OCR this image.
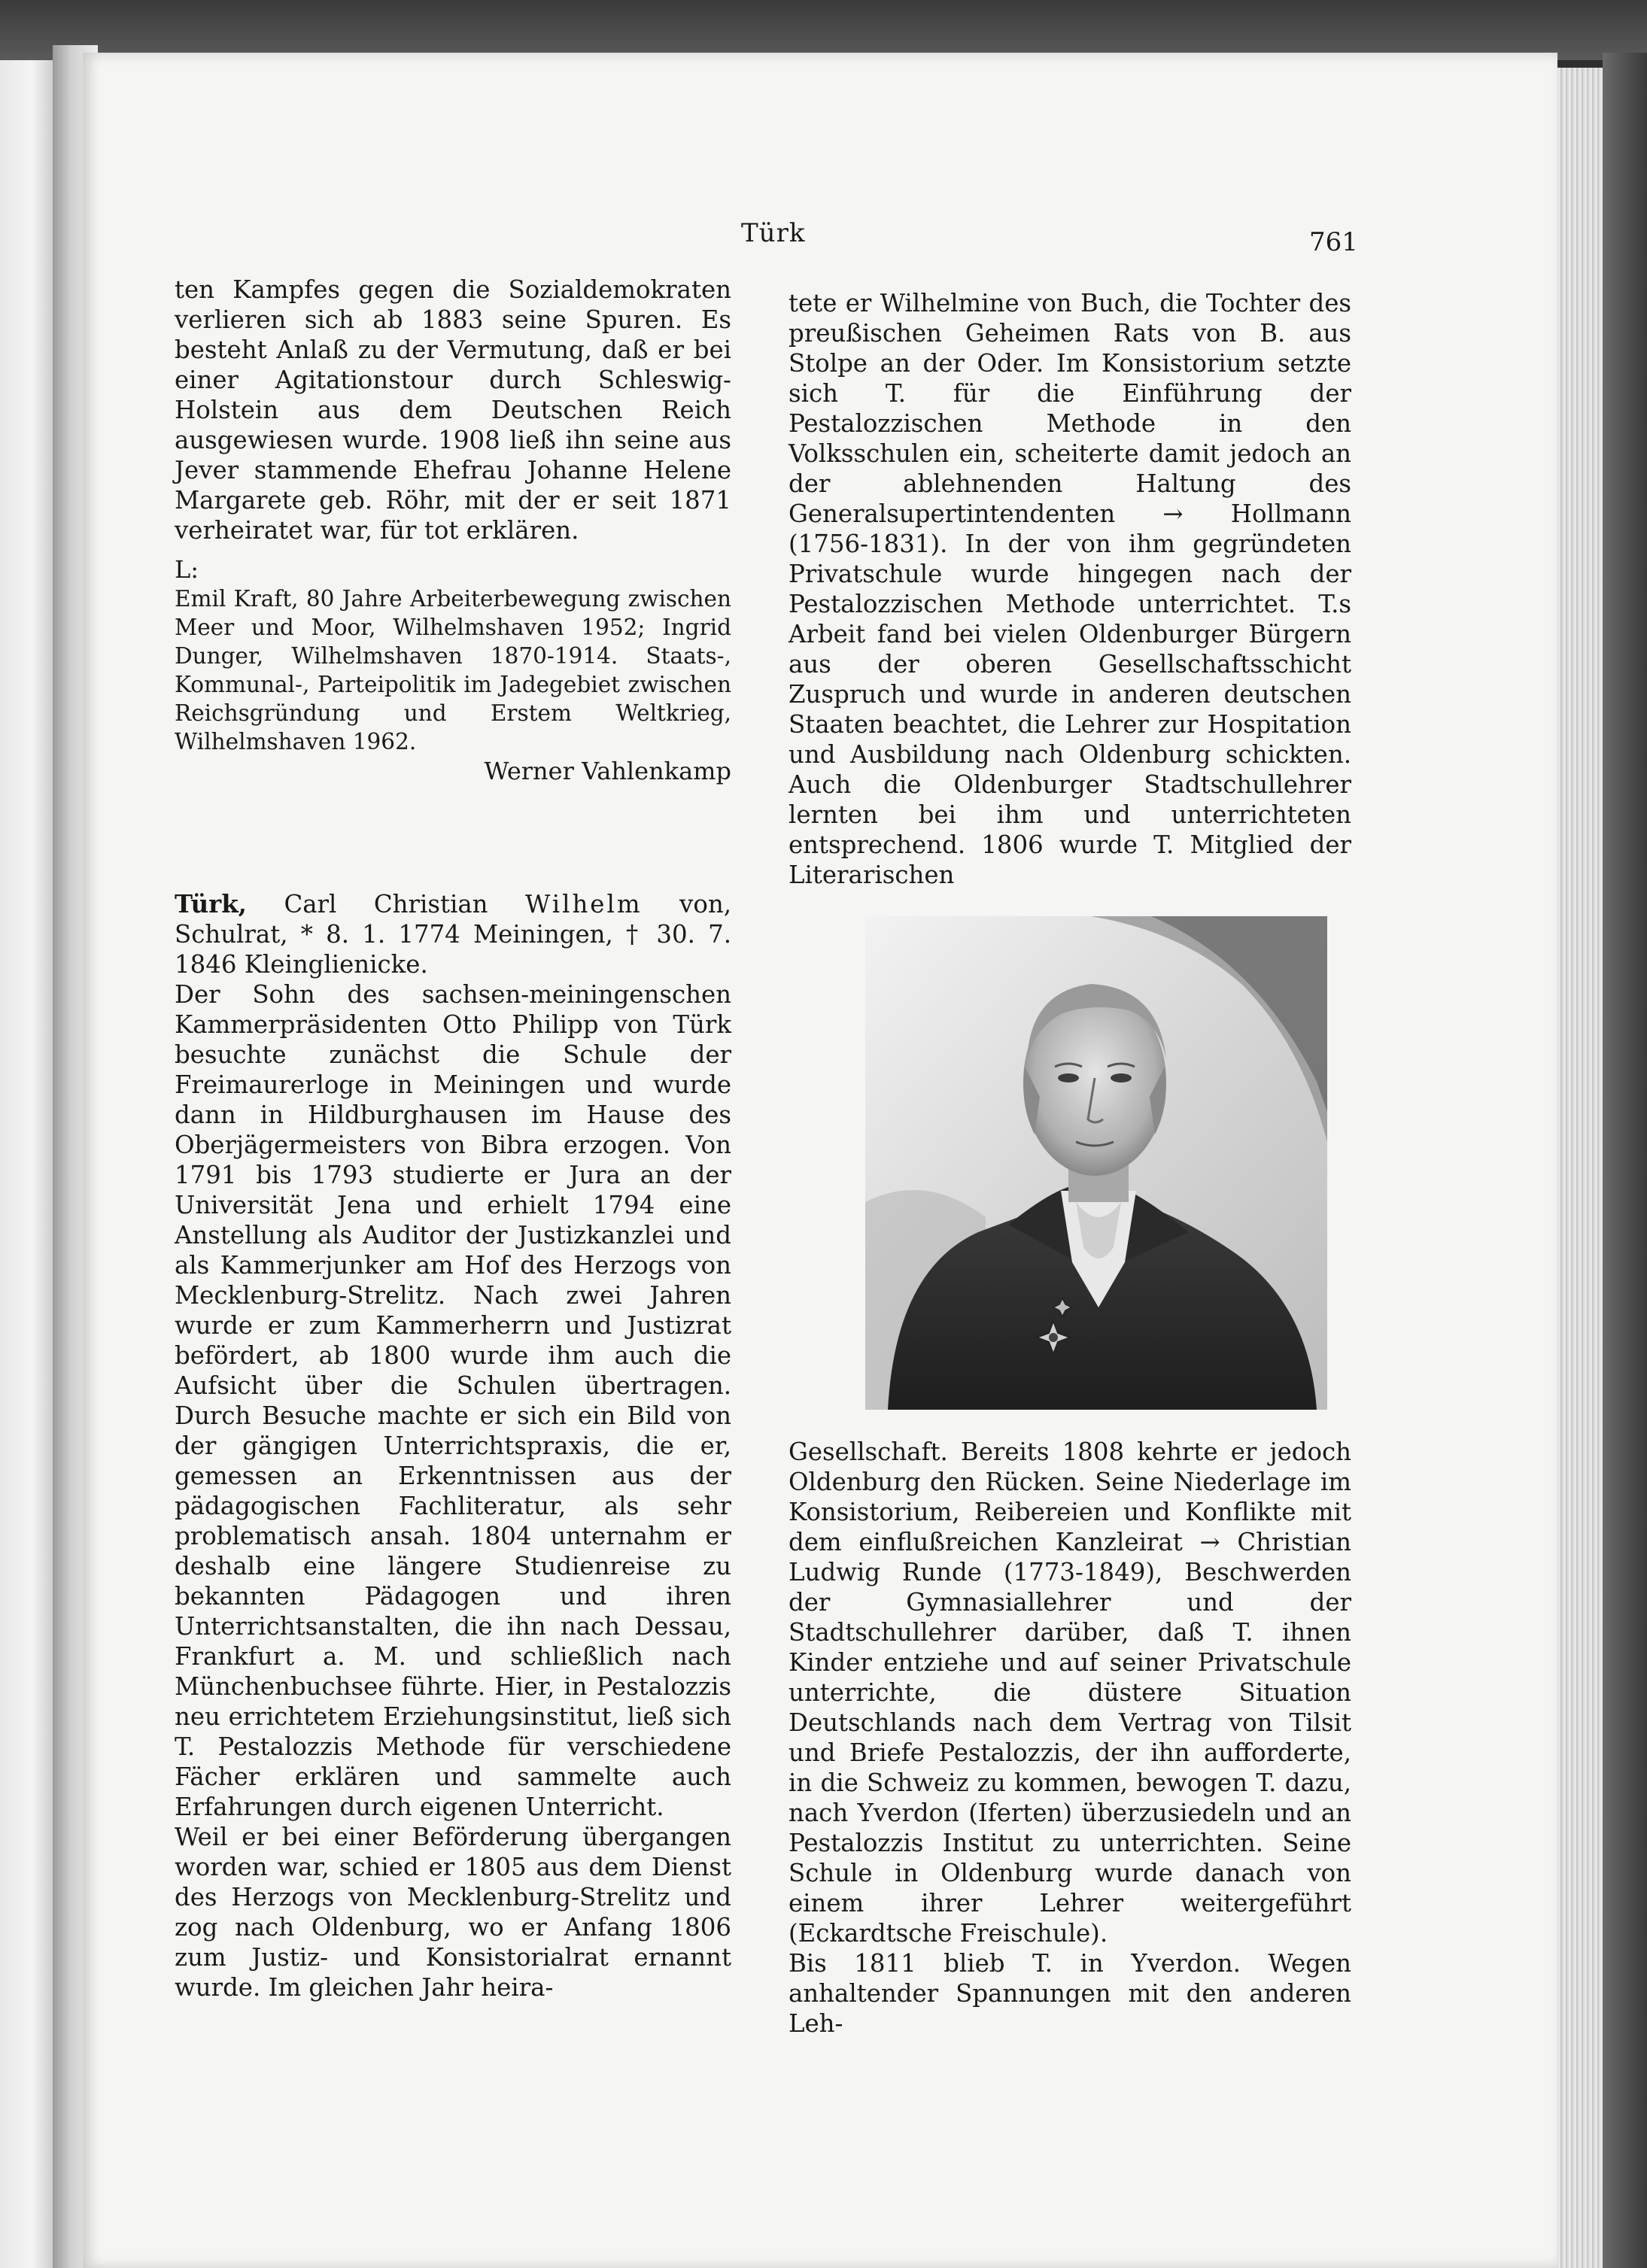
Türk	761

ten Kampfes gegen die Sozialdemokraten verlieren sich ab 1883 seine Spuren. Es besteht Anlaß zu der Vermutung, daß er bei einer Agitationstour durch Schleswig-Holstein aus dem Deutschen Reich ausgewiesen wurde. 1908 ließ ihn seine aus Jever stammende Ehefrau Johanne Helene Margarete geb. Röhr, mit der er seit 1871 verheiratet war, für tot erklären.

L:
Emil Kraft, 80 Jahre Arbeiterbewegung zwischen Meer und Moor, Wilhelmshaven 1952; Ingrid Dunger, Wilhelmshaven 1870-1914. Staats-, Kommunal-, Parteipolitik im Jadegebiet zwischen Reichsgründung und Erstem Weltkrieg, Wilhelmshaven 1962.
Werner Vahlenkamp

Türk, Carl Christian Wilhelm von, Schulrat, * 8. 1. 1774 Meiningen, † 30. 7. 1846 Kleinglienicke.

Der Sohn des sachsen-meiningenschen Kammerpräsidenten Otto Philipp von Türk besuchte zunächst die Schule der Freimaurerloge in Meiningen und wurde dann in Hildburghausen im Hause des Oberjägermeisters von Bibra erzogen. Von 1791 bis 1793 studierte er Jura an der Universität Jena und erhielt 1794 eine Anstellung als Auditor der Justizkanzlei und als Kammerjunker am Hof des Herzogs von Mecklenburg-Strelitz. Nach zwei Jahren wurde er zum Kammerherrn und Justizrat befördert, ab 1800 wurde ihm auch die Aufsicht über die Schulen übertragen. Durch Besuche machte er sich ein Bild von der gängigen Unterrichtspraxis, die er, gemessen an Erkenntnissen aus der pädagogischen Fachliteratur, als sehr problematisch ansah. 1804 unternahm er deshalb eine längere Studienreise zu bekannten Pädagogen und ihren Unterrichtsanstalten, die ihn nach Dessau, Frankfurt a. M. und schließlich nach Münchenbuchsee führte. Hier, in Pestalozzis neu errichtetem Erziehungsinstitut, ließ sich T. Pestalozzis Methode für verschiedene Fächer erklären und sammelte auch Erfahrungen durch eigenen Unterricht.

Weil er bei einer Beförderung übergangen worden war, schied er 1805 aus dem Dienst des Herzogs von Mecklenburg-Strelitz und zog nach Oldenburg, wo er Anfang 1806 zum Justiz- und Konsistorialrat ernannt wurde. Im gleichen Jahr heira-

tete er Wilhelmine von Buch, die Tochter des preußischen Geheimen Rats von B. aus Stolpe an der Oder. Im Konsistorium setzte sich T. für die Einführung der Pestalozzischen Methode in den Volksschulen ein, scheiterte damit jedoch an der ablehnenden Haltung des Generalsupertintendenten → Hollmann (1756-1831). In der von ihm gegründeten Privatschule wurde hingegen nach der Pestalozzischen Methode unterrichtet. T.s Arbeit fand bei vielen Oldenburger Bürgern aus der oberen Gesellschaftsschicht Zuspruch und wurde in anderen deutschen Staaten beachtet, die Lehrer zur Hospitation und Ausbildung nach Oldenburg schickten. Auch die Oldenburger Stadtschullehrer lernten bei ihm und unterrichteten entsprechend. 1806 wurde T. Mitglied der Literarischen

Gesellschaft. Bereits 1808 kehrte er jedoch Oldenburg den Rücken. Seine Niederlage im Konsistorium, Reibereien und Konflikte mit dem einflußreichen Kanzleirat → Christian Ludwig Runde (1773-1849), Beschwerden der Gymnasiallehrer und der Stadtschullehrer darüber, daß T. ihnen Kinder entziehe und auf seiner Privatschule unterrichte, die düstere Situation Deutschlands nach dem Vertrag von Tilsit und Briefe Pestalozzis, der ihn aufforderte, in die Schweiz zu kommen, bewogen T. dazu, nach Yverdon (Iferten) überzusiedeln und an Pestalozzis Institut zu unterrichten. Seine Schule in Oldenburg wurde danach von einem ihrer Lehrer weitergeführt (Eckardtsche Freischule).

Bis 1811 blieb T. in Yverdon. Wegen anhaltender Spannungen mit den anderen Leh-
